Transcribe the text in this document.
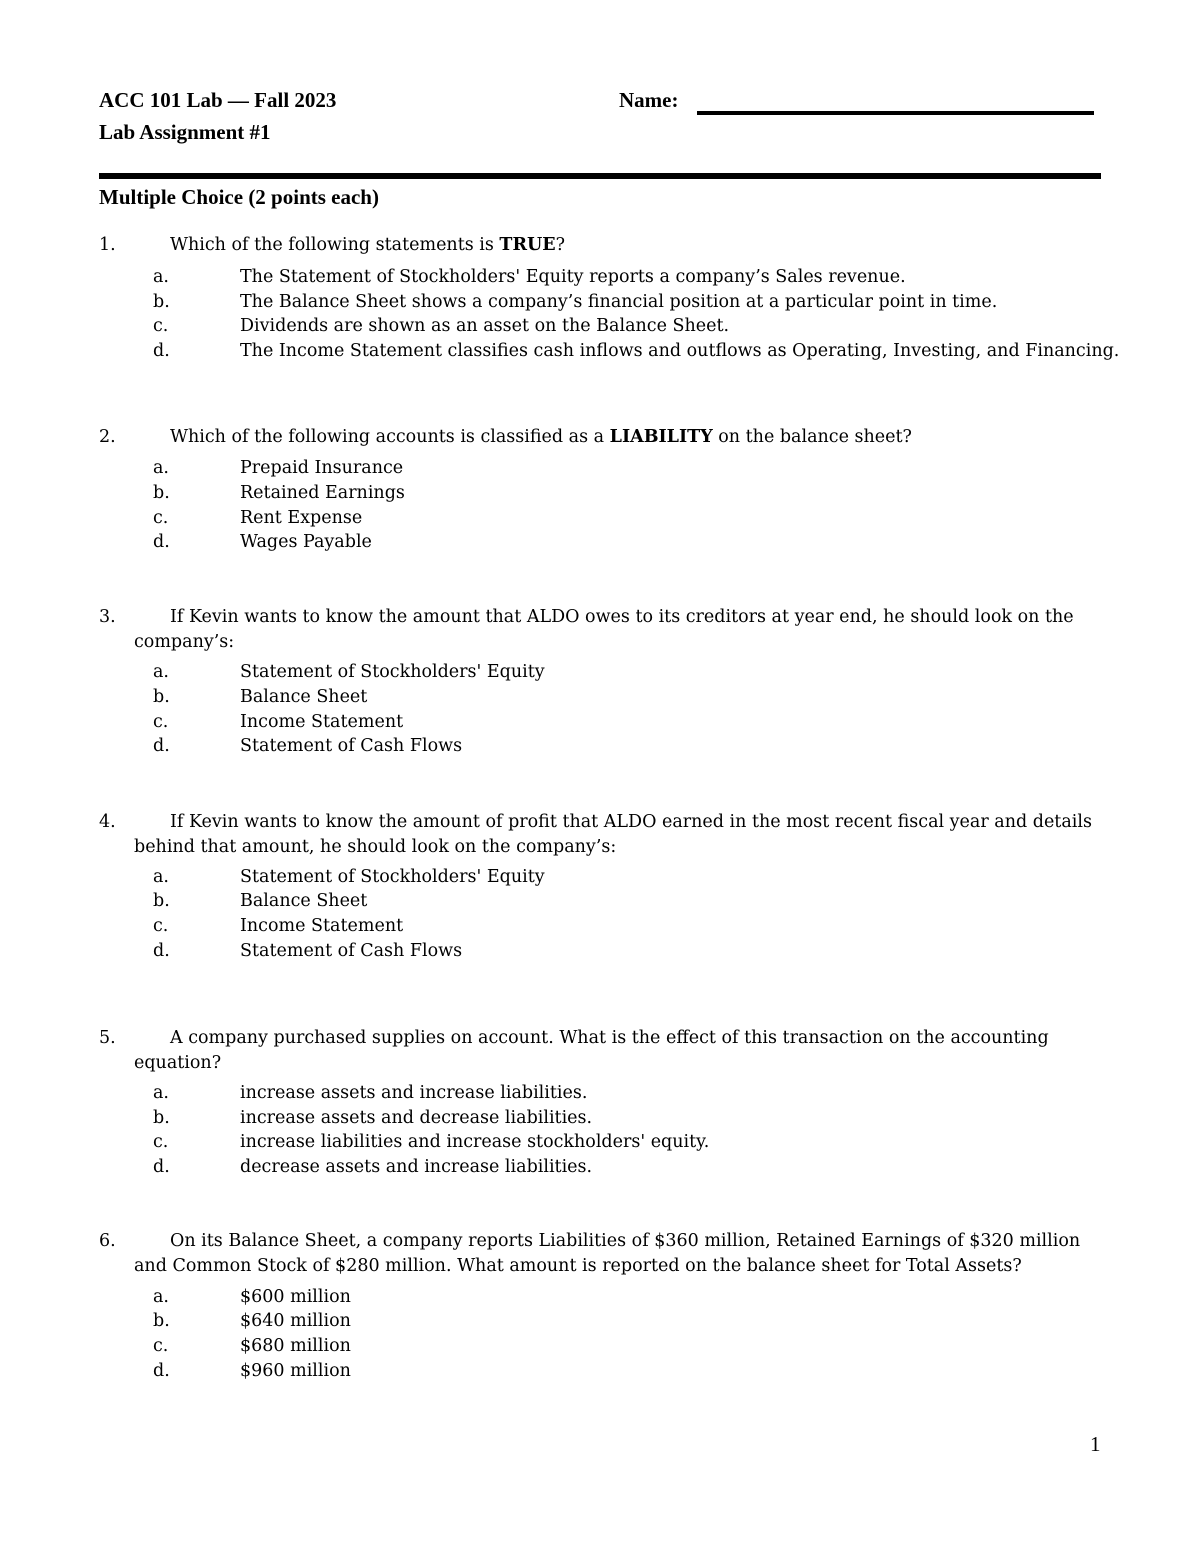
ACC 101 Lab — Fall 2023
Lab Assignment #1
Name:
Multiple Choice (2 points each)
1.	Which of the following statements is TRUE?
a.	The Statement of Stockholders' Equity reports a company’s Sales revenue.
b.	The Balance Sheet shows a company’s financial position at a particular point in time.
c.	Dividends are shown as an asset on the Balance Sheet.
d.	The Income Statement classifies cash inflows and outflows as Operating, Investing, and Financing.
2.	Which of the following accounts is classified as a LIABILITY on the balance sheet?
a.	Prepaid Insurance
b.	Retained Earnings
c.	Rent Expense
d.	Wages Payable
3.	If Kevin wants to know the amount that ALDO owes to its creditors at year end, he should look on the company’s:
a.	Statement of Stockholders' Equity
b.	Balance Sheet
c.	Income Statement
d.	Statement of Cash Flows
4.	If Kevin wants to know the amount of profit that ALDO earned in the most recent fiscal year and details behind that amount, he should look on the company’s:
a.	Statement of Stockholders' Equity
b.	Balance Sheet
c.	Income Statement
d.	Statement of Cash Flows
5.	A company purchased supplies on account. What is the effect of this transaction on the accounting equation?
a.	increase assets and increase liabilities.
b.	increase assets and decrease liabilities.
c.	increase liabilities and increase stockholders' equity.
d.	decrease assets and increase liabilities.
6.	On its Balance Sheet, a company reports Liabilities of $360 million, Retained Earnings of $320 million and Common Stock of $280 million. What amount is reported on the balance sheet for Total Assets?
a.	$600 million
b.	$640 million
c.	$680 million
d.	$960 million
1
